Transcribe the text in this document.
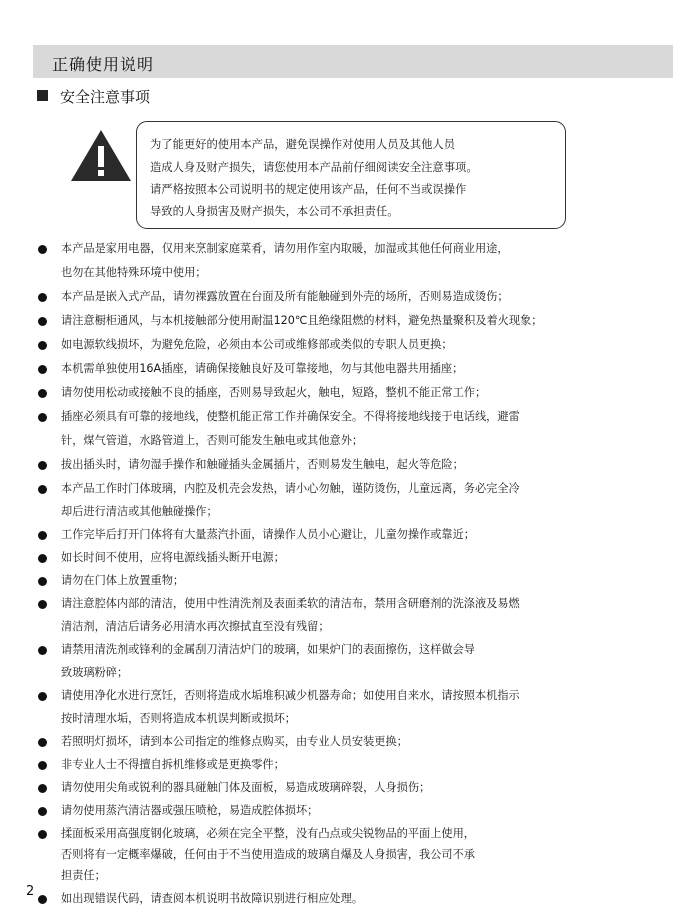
正确使用说明
安全注意事项
为了能更好的使用本产品，避免误操作对使用人员及其他人员
造成人身及财产损失，请您使用本产品前仔细阅读安全注意事项。
请严格按照本公司说明书的规定使用该产品，任何不当或误操作
导致的人身损害及财产损失，本公司不承担责任。
本产品是家用电器，仅用来烹制家庭菜肴，请勿用作室内取暖，加湿或其他任何商业用途，
也勿在其他特殊环境中使用；
本产品是嵌入式产品，请勿裸露放置在台面及所有能触碰到外壳的场所，否则易造成烫伤；
请注意橱柜通风，与本机接触部分使用耐温120℃且绝缘阻燃的材料，避免热量聚积及着火现象；
如电源软线损坏，为避免危险，必须由本公司或维修部或类似的专职人员更换；
本机需单独使用16A插座，请确保接触良好及可靠接地，勿与其他电器共用插座；
请勿使用松动或接触不良的插座，否则易导致起火，触电，短路，整机不能正常工作；
插座必须具有可靠的接地线，使整机能正常工作并确保安全。不得将接地线接于电话线，避雷
针，煤气管道，水路管道上，否则可能发生触电或其他意外；
拔出插头时，请勿湿手操作和触碰插头金属插片，否则易发生触电，起火等危险；
本产品工作时门体玻璃，内腔及机壳会发热，请小心勿触，谨防烫伤，儿童远离，务必完全冷
却后进行清洁或其他触碰操作；
工作完毕后打开门体将有大量蒸汽扑面，请操作人员小心避让，儿童勿操作或靠近；
如长时间不使用，应将电源线插头断开电源；
请勿在门体上放置重物；
请注意腔体内部的清洁，使用中性清洗剂及表面柔软的清洁布，禁用含研磨剂的洗涤液及易燃
清洁剂，清洁后请务必用清水再次擦拭直至没有残留；
请禁用清洗剂或锋利的金属刮刀清洁炉门的玻璃，如果炉门的表面擦伤，这样做会导
致玻璃粉碎；
请使用净化水进行烹饪，否则将造成水垢堆积减少机器寿命；如使用自来水，请按照本机指示
按时清理水垢，否则将造成本机误判断或损坏；
若照明灯损坏，请到本公司指定的维修点购买，由专业人员安装更换；
非专业人士不得擅自拆机维修或是更换零件；
请勿使用尖角或锐利的器具碰触门体及面板，易造成玻璃碎裂，人身损伤；
请勿使用蒸汽清洁器或强压喷枪，易造成腔体损坏；
揉面板采用高强度钢化玻璃，必须在完全平整，没有凸点或尖锐物品的平面上使用，
否则将有一定概率爆破，任何由于不当使用造成的玻璃自爆及人身损害，我公司不承
担责任；
如出现错误代码，请查阅本机说明书故障识别进行相应处理。
2
